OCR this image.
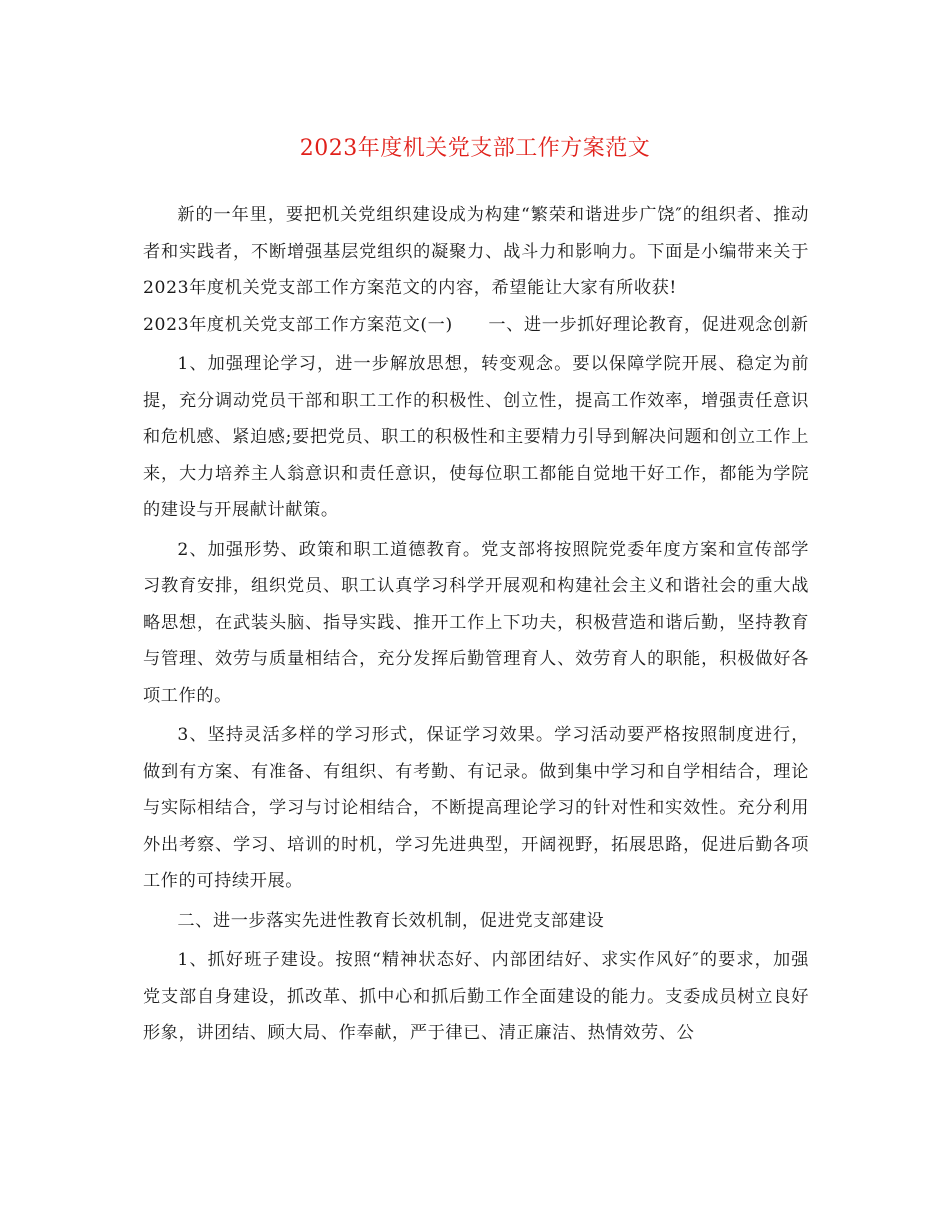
2023年度机关党支部工作方案范文

新的一年里，要把机关党组织建设成为构建“繁荣和谐进步广饶″的组织者、推动者和实践者，不断增强基层党组织的凝聚力、战斗力和影响力。下面是小编带来关于2023年度机关党支部工作方案范文的内容，希望能让大家有所收获!

2023年度机关党支部工作方案范文(一)　　一、进一步抓好理论教育，促进观念创新

1、加强理论学习，进一步解放思想，转变观念。要以保障学院开展、稳定为前提，充分调动党员干部和职工工作的积极性、创立性，提高工作效率，增强责任意识和危机感、紧迫感;要把党员、职工的积极性和主要精力引导到解决问题和创立工作上来，大力培养主人翁意识和责任意识，使每位职工都能自觉地干好工作，都能为学院的建设与开展献计献策。

2、加强形势、政策和职工道德教育。党支部将按照院党委年度方案和宣传部学习教育安排，组织党员、职工认真学习科学开展观和构建社会主义和谐社会的重大战略思想，在武装头脑、指导实践、推开工作上下功夫，积极营造和谐后勤，坚持教育与管理、效劳与质量相结合，充分发挥后勤管理育人、效劳育人的职能，积极做好各项工作的。

3、坚持灵活多样的学习形式，保证学习效果。学习活动要严格按照制度进行，做到有方案、有准备、有组织、有考勤、有记录。做到集中学习和自学相结合，理论与实际相结合，学习与讨论相结合，不断提高理论学习的针对性和实效性。充分利用外出考察、学习、培训的时机，学习先进典型，开阔视野，拓展思路，促进后勤各项工作的可持续开展。

二、进一步落实先进性教育长效机制，促进党支部建设

1、抓好班子建设。按照“精神状态好、内部团结好、求实作风好″的要求，加强党支部自身建设，抓改革、抓中心和抓后勤工作全面建设的能力。支委成员树立良好形象，讲团结、顾大局、作奉献，严于律已、清正廉洁、热情效劳、公
